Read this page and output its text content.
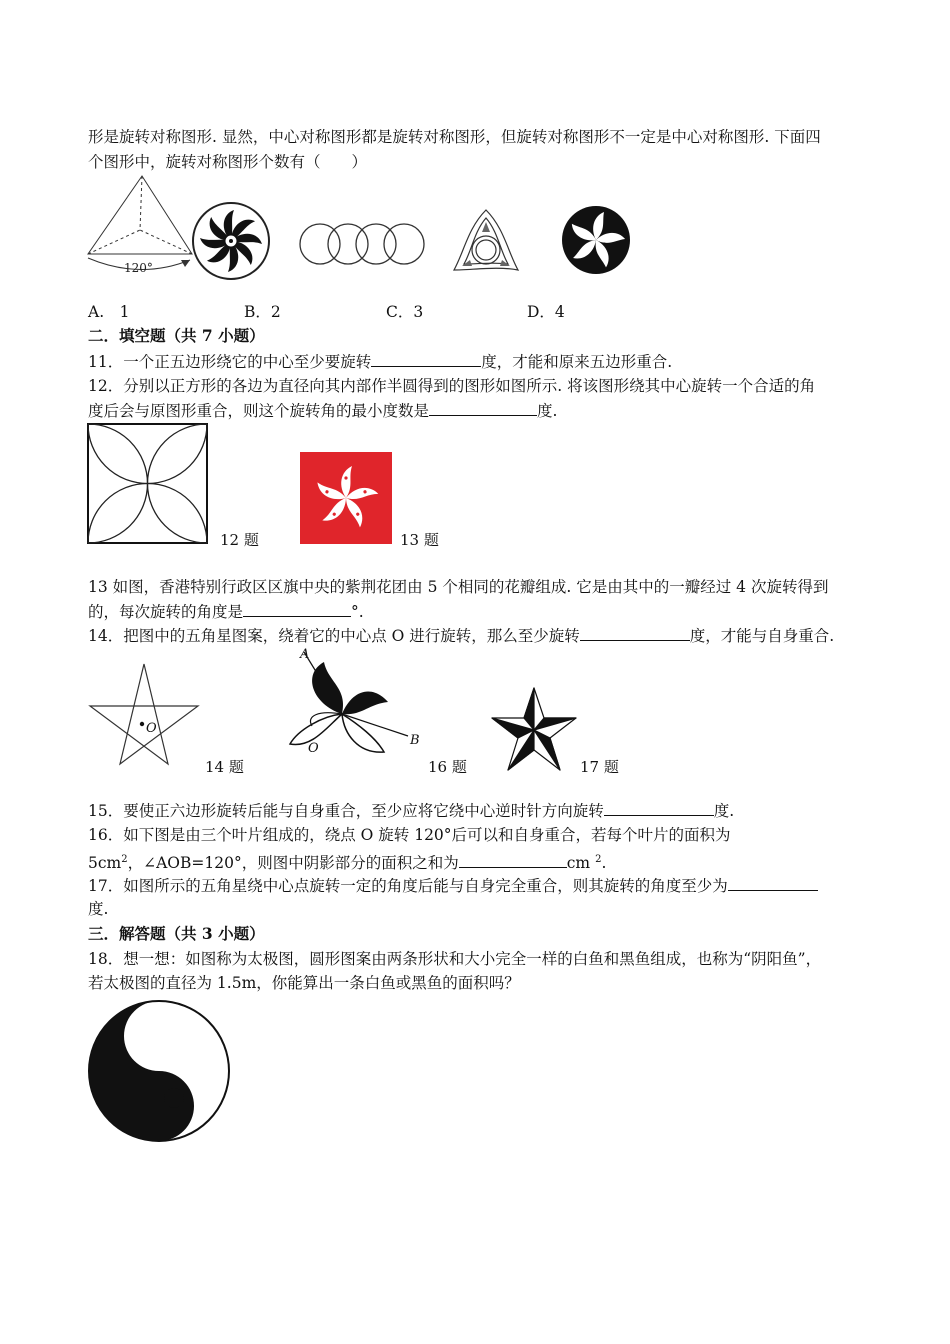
形是旋转对称图形. 显然，中心对称图形都是旋转对称图形，但旋转对称图形不一定是中心对称图形. 下面四
个图形中，旋转对称图形个数有（　　）
120°
A.　1	B．2	C．3	D．4
二．填空题（共 7 小题）
11．一个正五边形绕它的中心至少要旋转	度，才能和原来五边形重合.
12．分别以正方形的各边为直径向其内部作半圆得到的图形如图所示. 将该图形绕其中心旋转一个合适的角
度后会与原图形重合，则这个旋转角的最小度数是	度.
12 题	13 题
13 如图，香港特别行政区区旗中央的紫荆花团由 5 个相同的花瓣组成. 它是由其中的一瓣经过 4 次旋转得到
的，每次旋转的角度是	°.
14．把图中的五角星图案，绕着它的中心点 O 进行旋转，那么至少旋转	度，才能与自身重合.
O
14 题
A
B
O
16 题	17 题
15．要使正六边形旋转后能与自身重合，至少应将它绕中心逆时针方向旋转	度.
16．如下图是由三个叶片组成的，绕点 O 旋转 120°后可以和自身重合，若每个叶片的面积为
$5cm^2$，∠AOB=120°，则图中阴影部分的面积之和为	cm $^2$.
17．如图所示的五角星绕中心点旋转一定的角度后能与自身完全重合，则其旋转的角度至少为
度.
三．解答题（共 3 小题）
18．想一想：如图称为太极图，圆形图案由两条形状和大小完全一样的白鱼和黑鱼组成，也称为“阴阳鱼”，
若太极图的直径为 1.5m，你能算出一条白鱼或黑鱼的面积吗？
